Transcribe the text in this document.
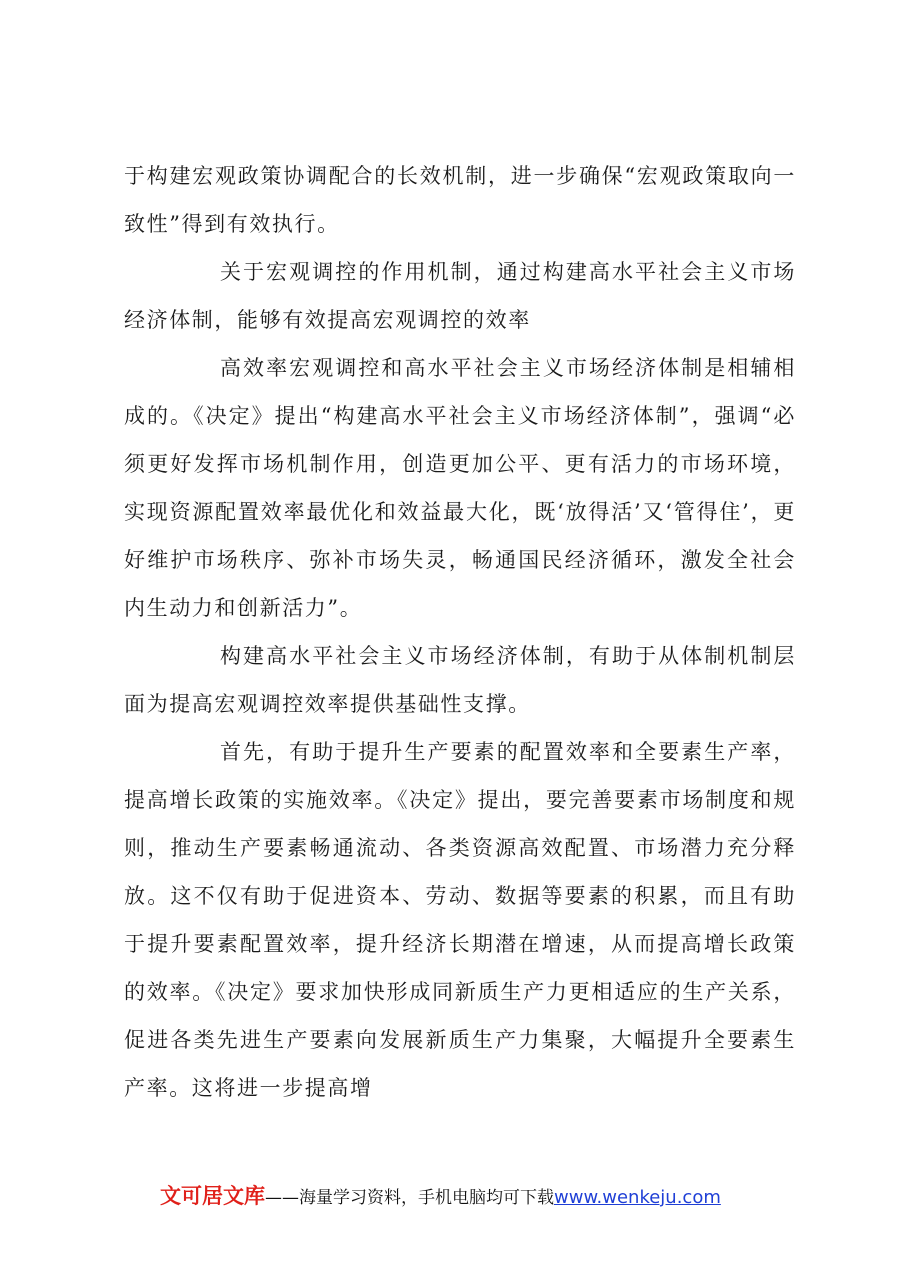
于构建宏观政策协调配合的长效机制，进一步确保“宏观政策取向一致性”得到有效执行。

关于宏观调控的作用机制，通过构建高水平社会主义市场经济体制，能够有效提高宏观调控的效率

高效率宏观调控和高水平社会主义市场经济体制是相辅相成的。《决定》提出“构建高水平社会主义市场经济体制”，强调“必须更好发挥市场机制作用，创造更加公平、更有活力的市场环境，实现资源配置效率最优化和效益最大化，既‘放得活’又‘管得住’，更好维护市场秩序、弥补市场失灵，畅通国民经济循环，激发全社会内生动力和创新活力”。

构建高水平社会主义市场经济体制，有助于从体制机制层面为提高宏观调控效率提供基础性支撑。

首先，有助于提升生产要素的配置效率和全要素生产率，提高增长政策的实施效率。《决定》提出，要完善要素市场制度和规则，推动生产要素畅通流动、各类资源高效配置、市场潜力充分释放。这不仅有助于促进资本、劳动、数据等要素的积累，而且有助于提升要素配置效率，提升经济长期潜在增速，从而提高增长政策的效率。《决定》要求加快形成同新质生产力更相适应的生产关系，促进各类先进生产要素向发展新质生产力集聚，大幅提升全要素生产率。这将进一步提高增

文可居文库——海量学习资料，手机电脑均可下载www.wenkeju.com
